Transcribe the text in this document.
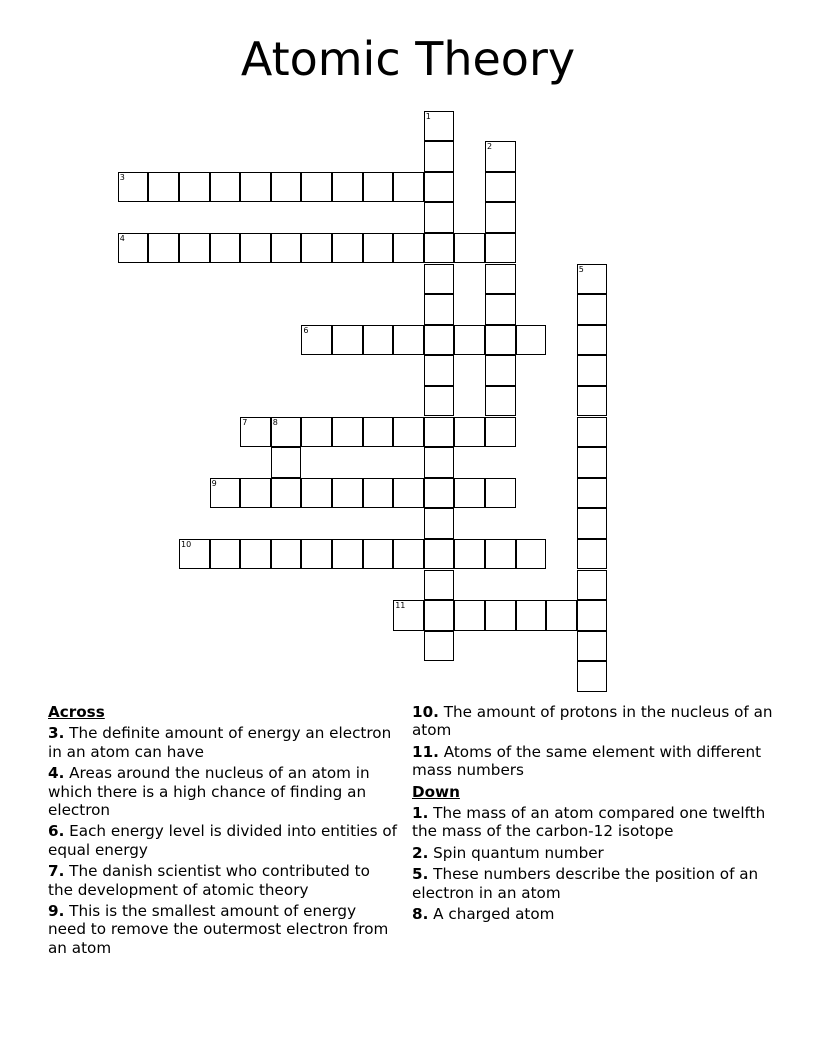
Atomic Theory
1
2
3
4
5
6
7	8
9
10
11
Across
3. The definite amount of energy an electron in an atom can have
4. Areas around the nucleus of an atom in which there is a high chance of finding an electron
6. Each energy level is divided into entities of equal energy
7. The danish scientist who contributed to the development of atomic theory
9. This is the smallest amount of energy need to remove the outermost electron from an atom
10. The amount of protons in the nucleus of an atom
11. Atoms of the same element with different mass numbers
Down
1. The mass of an atom compared one twelfth the mass of the carbon-12 isotope
2. Spin quantum number
5. These numbers describe the position of an electron in an atom
8. A charged atom
